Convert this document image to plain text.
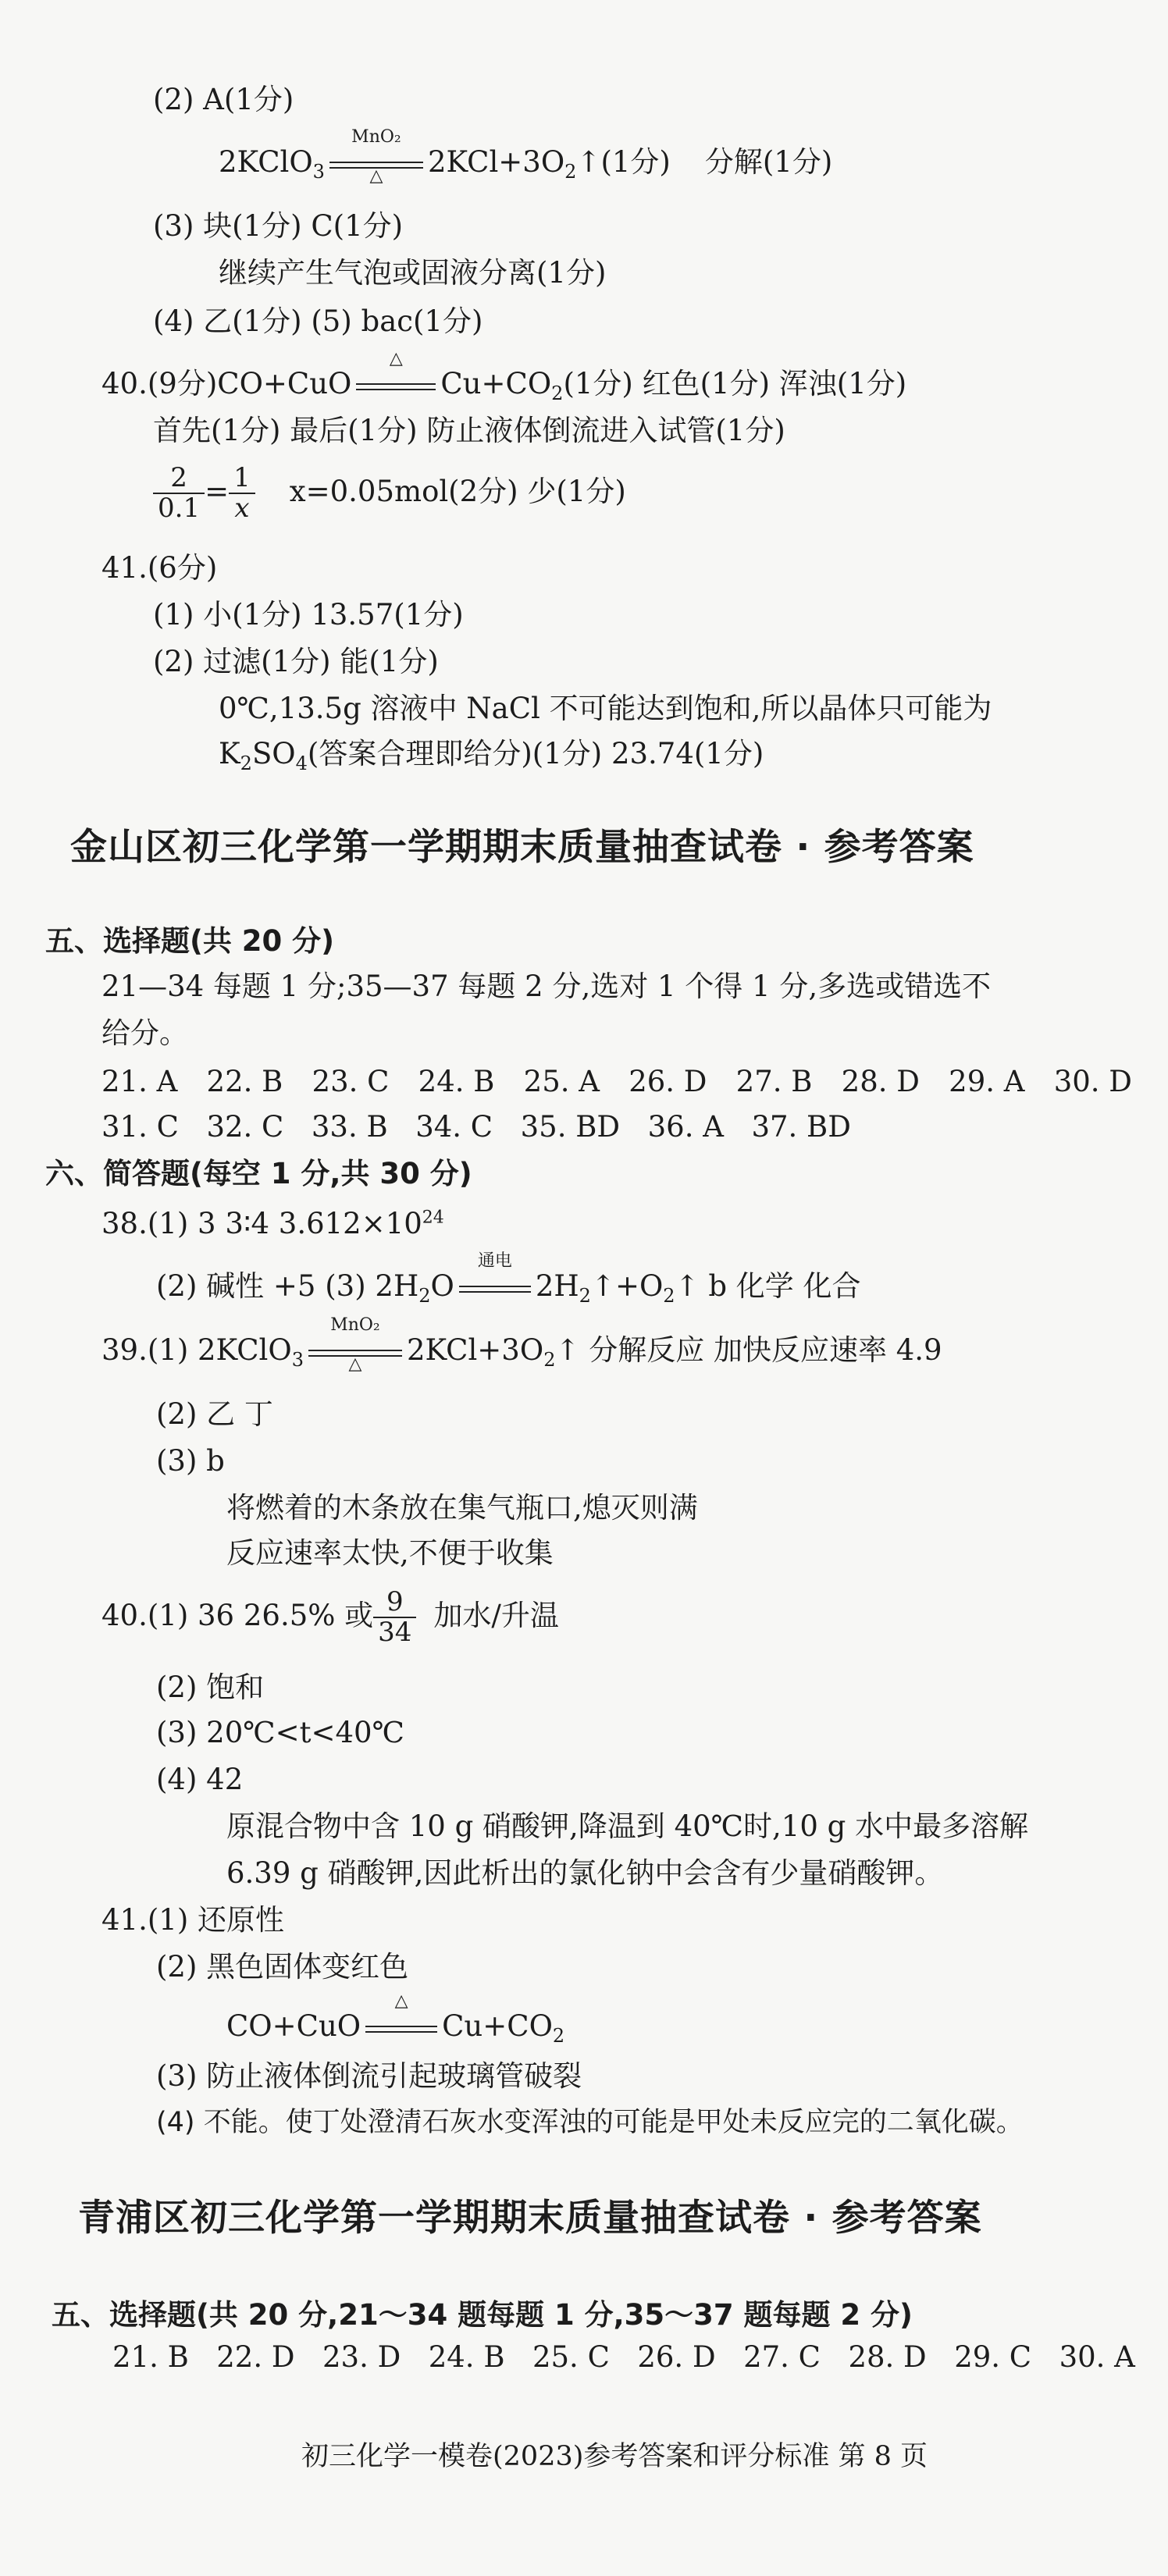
(2) A(1分)
2KClO$_3$
MnO₂
△	$2KCl+3O_2↑(1$分) 分解(1分)
(3) 块(1分) C(1分)
继续产生气泡或固液分离(1分)
(4) 乙(1分) (5) bac(1分)
40.(9分)CO+CuO
△
$Cu+CO_2(1$分) 红色(1分) 浑浊(1分)
首先(1分) 最后(1分) 防止液体倒流进入试管(1分)
$\frac{2}{0.1} = \frac{1}{x} x=0.05mol(2$分) 少(1分)
41.(6分)
(1) 小(1分) 13.57(1分)
(2) 过滤(1分) 能(1分)
0℃,13.5g 溶液中 NaCl 不可能达到饱和,所以晶体只可能为
$K_2SO_4$(答案合理即给分)(1分) 23.74(1分)
金山区初三化学第一学期期末质量抽查试卷 · 参考答案
五、选择题(共 20 分)
21—34 每题 1 分;35—37 每题 2 分,选对 1 个得 1 分,多选或错选不
给分。
21. A 22. B 23. C 24. B 25. A 26. D 27. B 28. D 29. A 30. D
31. C 32. C 33. B 34. C 35. BD 36. A 37. BD
六、简答题(每空 1 分,共 30 分)
38.(1) 3 3∶4 $3.612\times 10^{24}$
(2) 碱性 +5 (3) $2H_2O$
通电
$2H_2↑+O_2↑$ b 化学 化合
39.(1) 2KClO$_3$
MnO₂
△	$2KCl+3O_2↑$ 分解反应 加快反应速率 4.9
(2) 乙 丁
(3) b
将燃着的木条放在集气瓶口,熄灭则满
反应速率太快,不便于收集
40.(1) 36 26.5% 或 $\frac{9}{34}$ 加水/升温
(2) 饱和
(3) 20℃<t<40℃
(4) 42
原混合物中含 10 g 硝酸钾,降温到 40℃时,10 g 水中最多溶解
6.39 g 硝酸钾,因此析出的氯化钠中会含有少量硝酸钾。
41.(1) 还原性
(2) 黑色固体变红色
CO+CuO
△
$Cu+CO_2$
(3) 防止液体倒流引起玻璃管破裂
(4) 不能。使丁处澄清石灰水变浑浊的可能是甲处未反应完的二氧化碳。
青浦区初三化学第一学期期末质量抽查试卷 · 参考答案
五、选择题(共 20 分,21～34 题每题 1 分,35～37 题每题 2 分)
21. B 22. D 23. D 24. B 25. C 26. D 27. C 28. D 29. C 30. A
初三化学一模卷(2023)参考答案和评分标准 第 8 页
